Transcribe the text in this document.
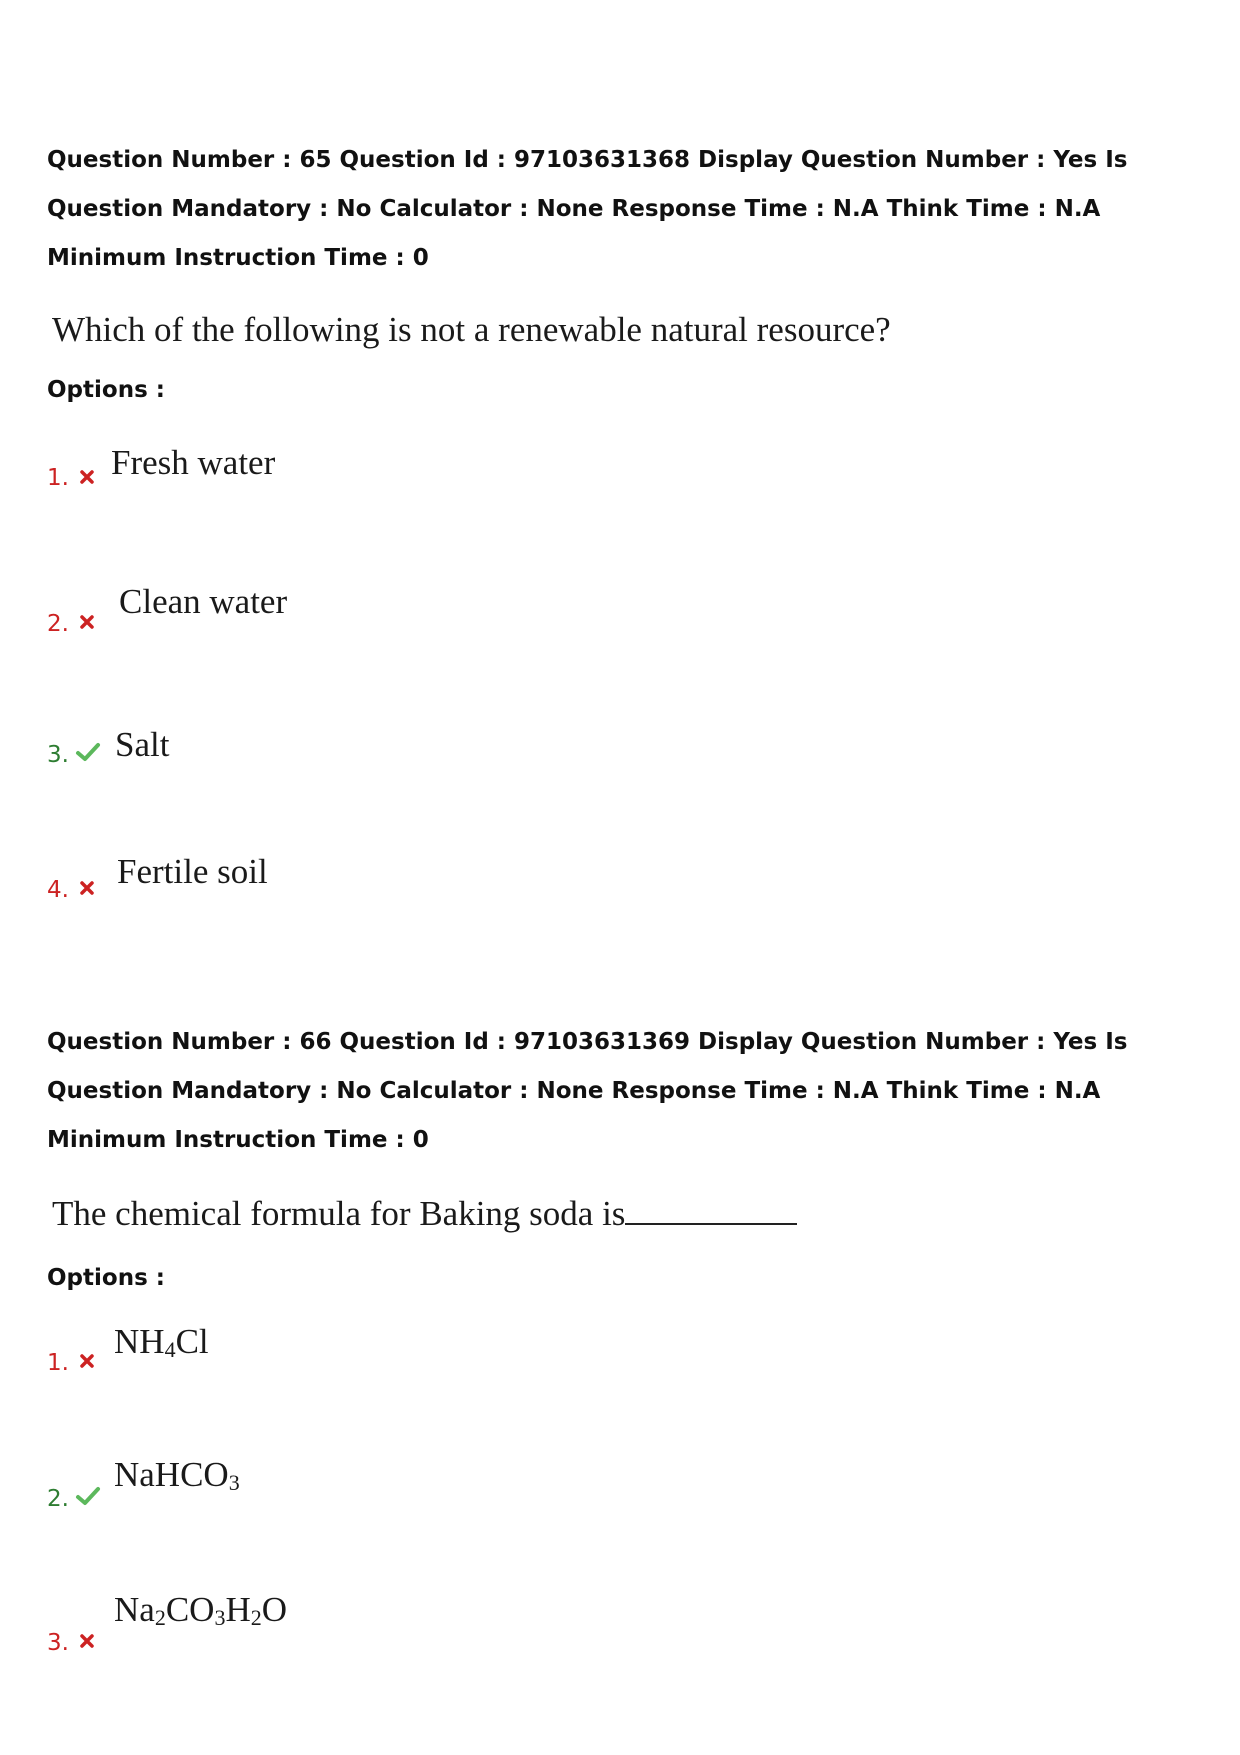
Question Number : 65 Question Id : 97103631368 Display Question Number : Yes Is Question Mandatory : No Calculator : None Response Time : N.A Think Time : N.A Minimum Instruction Time : 0
Which of the following is not a renewable natural resource?
Options :
1. Fresh water
2.
Clean water
3. Salt
4. Fertile soil
Question Number : 66 Question Id : 97103631369 Display Question Number : Yes Is Question Mandatory : No Calculator : None Response Time : N.A Think Time : N.A Minimum Instruction Time : 0
The chemical formula for Baking soda is
Options :
1.
$NH_4Cl$
2.
NaHCO$_3$
3.
$Na_2CO_3H_2O$
